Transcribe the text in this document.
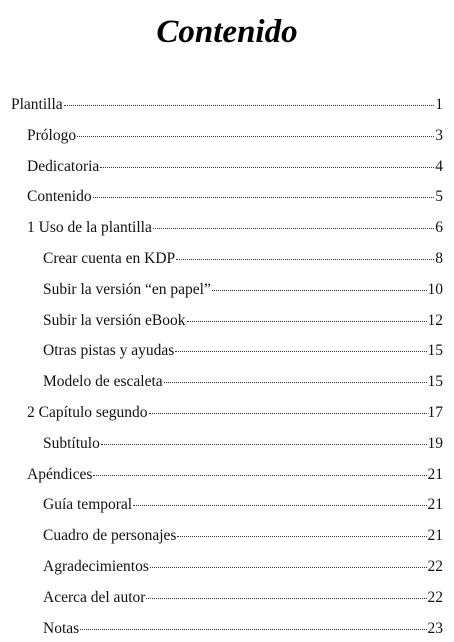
Contenido
Plantilla	1
Prólogo	3
Dedicatoria	4
Contenido	5
1 Uso de la plantilla	6
Crear cuenta en KDP	8
Subir la versión “en papel”	10
Subir la versión eBook	12
Otras pistas y ayudas	15
Modelo de escaleta	15
2 Capítulo segundo	17
Subtítulo	19
Apéndices	21
Guía temporal	21
Cuadro de personajes	21
Agradecimientos	22
Acerca del autor	22
Notas	23
